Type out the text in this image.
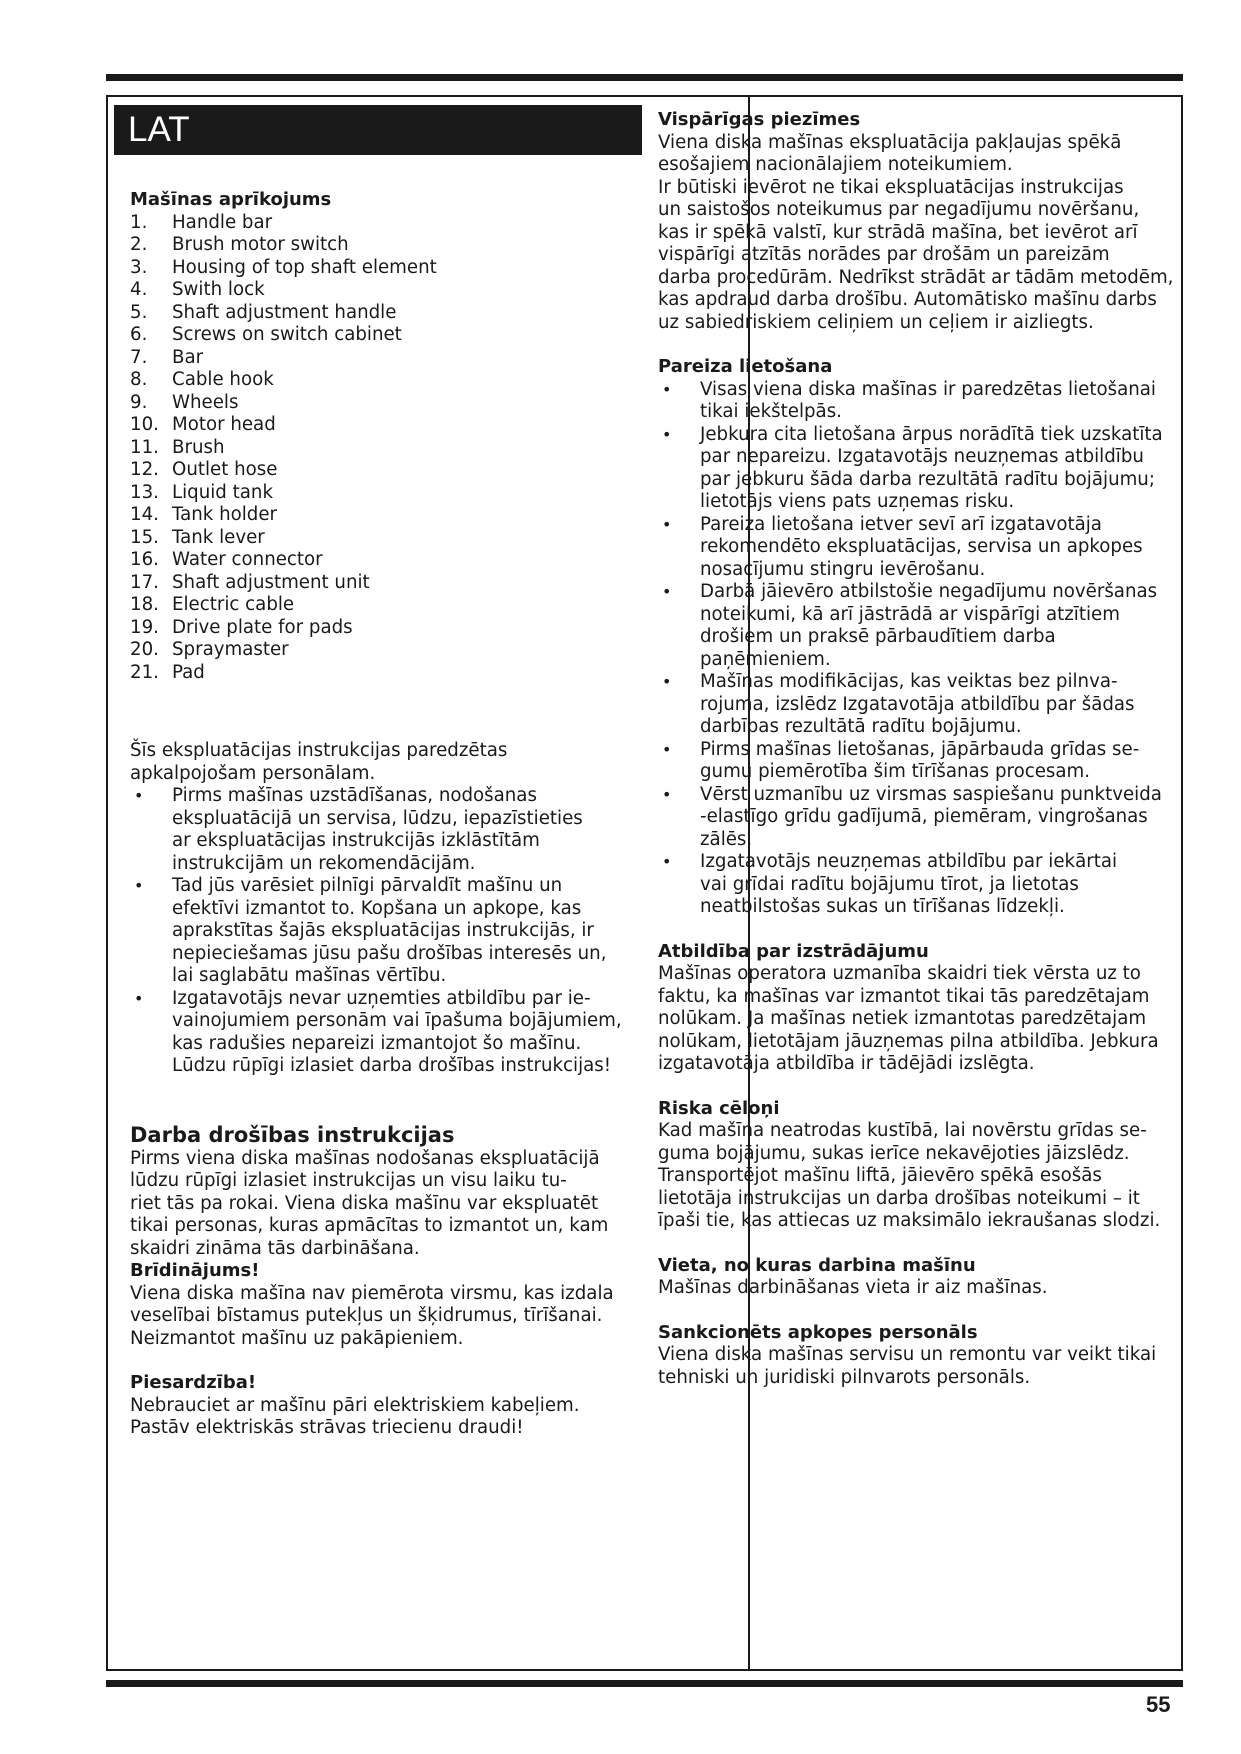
LAT

Mašīnas aprīkojums

1. Handle bar
2. Brush motor switch
3. Housing of top shaft element
4. Swith lock
5. Shaft adjustment handle
6. Screws on switch cabinet
7. Bar
8. Cable hook
9. Wheels
10. Motor head
11. Brush
12. Outlet hose
13. Liquid tank
14. Tank holder
15. Tank lever
16. Water connector
17. Shaft adjustment unit
18. Electric cable
19. Drive plate for pads
20. Spraymaster
21. Pad

Šīs ekspluatācijas instrukcijas paredzētas

apkalpojošam personālam.

• Pirms mašīnas uzstādīšanas, nodošanas

ekspluatācijā un servisa, lūdzu, iepazīstieties

ar ekspluatācijas instrukcijās izklāstītām

instrukcijām un rekomendācijām.

• Tad jūs varēsiet pilnīgi pārvaldīt mašīnu un

efektīvi izmantot to. Kopšana un apkope, kas

aprakstītas šajās ekspluatācijas instrukcijās, ir

nepieciešamas jūsu pašu drošības interesēs un,

lai saglabātu mašīnas vērtību.

• Izgatavotājs nevar uzņemties atbildību par ie-

vainojumiem personām vai īpašuma bojājumiem,

kas radušies nepareizi izmantojot šo mašīnu.

Lūdzu rūpīgi izlasiet darba drošības instrukcijas!

Darba drošības instrukcijas

Pirms viena diska mašīnas nodošanas ekspluatācijā

lūdzu rūpīgi izlasiet instrukcijas un visu laiku tu-

riet tās pa rokai. Viena diska mašīnu var ekspluatēt

tikai personas, kuras apmācītas to izmantot un, kam

skaidri zināma tās darbināšana.

Brīdinājums!

Viena diska mašīna nav piemērota virsmu, kas izdala

veselībai bīstamus putekļus un šķidrumus, tīrīšanai.

Neizmantot mašīnu uz pakāpieniem.

Piesardzība!

Nebrauciet ar mašīnu pāri elektriskiem kabeļiem.

Pastāv elektriskās strāvas triecienu draudi!

Vispārīgas piezīmes

Viena diska mašīnas ekspluatācija pakļaujas spēkā

esošajiem nacionālajiem noteikumiem.

Ir būtiski ievērot ne tikai ekspluatācijas instrukcijas

un saistošos noteikumus par negadījumu novēršanu,

kas ir spēkā valstī, kur strādā mašīna, bet ievērot arī

vispārīgi atzītās norādes par drošām un pareizām

darba procedūrām. Nedrīkst strādāt ar tādām metodēm,

kas apdraud darba drošību. Automātisko mašīnu darbs

uz sabiedriskiem celiņiem un ceļiem ir aizliegts.

Pareiza lietošana

• Visas viena diska mašīnas ir paredzētas lietošanai

tikai iekštelpās.

• Jebkura cita lietošana ārpus norādītā tiek uzskatīta

par nepareizu. Izgatavotājs neuzņemas atbildību

par jebkuru šāda darba rezultātā radītu bojājumu;

lietotājs viens pats uzņemas risku.

• Pareiza lietošana ietver sevī arī izgatavotāja

rekomendēto ekspluatācijas, servisa un apkopes

nosacījumu stingru ievērošanu.

• Darbā jāievēro atbilstošie negadījumu novēršanas

noteikumi, kā arī jāstrādā ar vispārīgi atzītiem

drošiem un praksē pārbaudītiem darba

paņēmieniem.

• Mašīnas modifikācijas, kas veiktas bez pilnva-

rojuma, izslēdz Izgatavotāja atbildību par šādas

darbības rezultātā radītu bojājumu.

• Pirms mašīnas lietošanas, jāpārbauda grīdas se-

gumu piemērotība šim tīrīšanas procesam.

• Vērst uzmanību uz virsmas saspiešanu punktveida

-elastīgo grīdu gadījumā, piemēram, vingrošanas

zālēs.

• Izgatavotājs neuzņemas atbildību par iekārtai

vai grīdai radītu bojājumu tīrot, ja lietotas

neatbilstošas sukas un tīrīšanas līdzekļi.

Atbildība par izstrādājumu

Mašīnas operatora uzmanība skaidri tiek vērsta uz to

faktu, ka mašīnas var izmantot tikai tās paredzētajam

nolūkam. Ja mašīnas netiek izmantotas paredzētajam

nolūkam, lietotājam jāuzņemas pilna atbildība. Jebkura

izgatavotāja atbildība ir tādējādi izslēgta.

Riska cēloņi

Kad mašīna neatrodas kustībā, lai novērstu grīdas se-

guma bojājumu, sukas ierīce nekavējoties jāizslēdz.

Transportējot mašīnu liftā, jāievēro spēkā esošās

lietotāja instrukcijas un darba drošības noteikumi – it

īpaši tie, kas attiecas uz maksimālo iekraušanas slodzi.

Vieta, no kuras darbina mašīnu

Mašīnas darbināšanas vieta ir aiz mašīnas.

Sankcionēts apkopes personāls

Viena diska mašīnas servisu un remontu var veikt tikai

tehniski un juridiski pilnvarots personāls.

55
